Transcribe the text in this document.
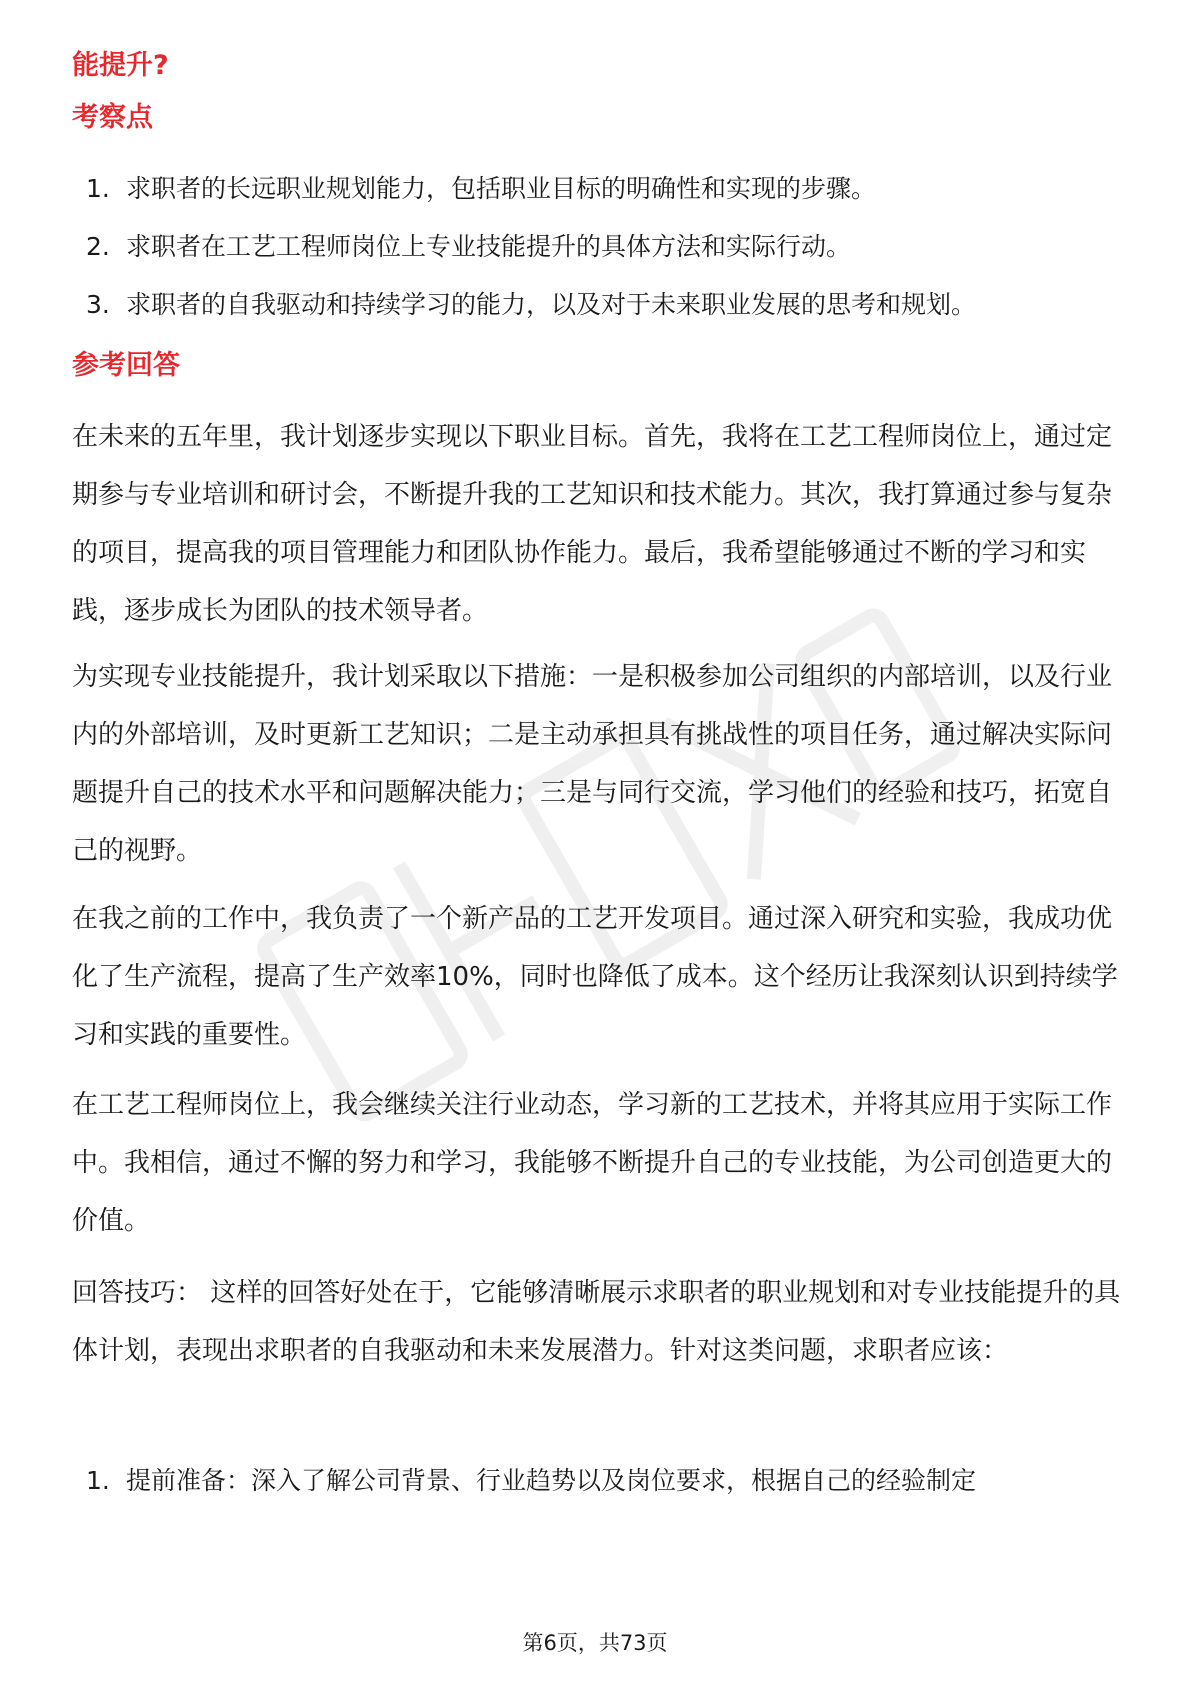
能提升?
考察点
1. 求职者的长远职业规划能力，包括职业目标的明确性和实现的步骤。
2. 求职者在工艺工程师岗位上专业技能提升的具体方法和实际行动。
3. 求职者的自我驱动和持续学习的能力，以及对于未来职业发展的思考和规划。
参考回答

在未来的五年里，我计划逐步实现以下职业目标。首先，我将在工艺工程师岗位上，通过定期参与专业培训和研讨会，不断提升我的工艺知识和技术能力。其次，我打算通过参与复杂的项目，提高我的项目管理能力和团队协作能力。最后，我希望能够通过不断的学习和实践，逐步成长为团队的技术领导者。

为实现专业技能提升，我计划采取以下措施：一是积极参加公司组织的内部培训，以及行业内的外部培训，及时更新工艺知识；二是主动承担具有挑战性的项目任务，通过解决实际问题提升自己的技术水平和问题解决能力；三是与同行交流，学习他们的经验和技巧，拓宽自己的视野。

在我之前的工作中，我负责了一个新产品的工艺开发项目。通过深入研究和实验，我成功优化了生产流程，提高了生产效率10%，同时也降低了成本。这个经历让我深刻认识到持续学习和实践的重要性。

在工艺工程师岗位上，我会继续关注行业动态，学习新的工艺技术，并将其应用于实际工作中。我相信，通过不懈的努力和学习，我能够不断提升自己的专业技能，为公司创造更大的价值。

回答技巧： 这样的回答好处在于，它能够清晰展示求职者的职业规划和对专业技能提升的具体计划，表现出求职者的自我驱动和未来发展潜力。针对这类问题，求职者应该：

1. 提前准备：深入了解公司背景、行业趋势以及岗位要求，根据自己的经验制定
第6页，共73页
